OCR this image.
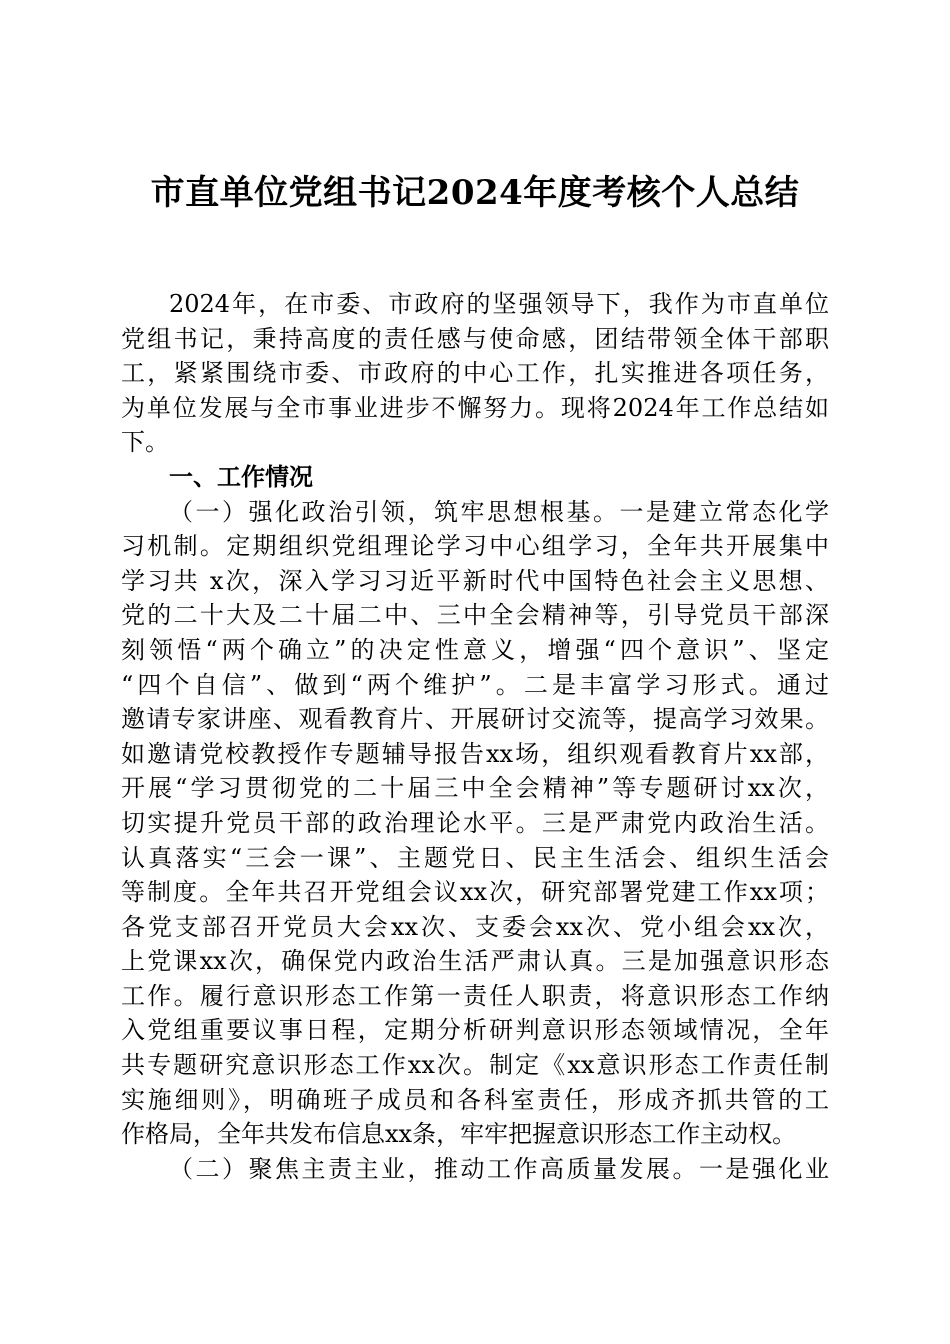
市直单位党组书记2024年度考核个人总结
2024年，在市委、市政府的坚强领导下，我作为市直单位
党组书记，秉持高度的责任感与使命感，团结带领全体干部职
工，紧紧围绕市委、市政府的中心工作，扎实推进各项任务，
为单位发展与全市事业进步不懈努力。现将2024年工作总结如
下。
一、工作情况
（一）强化政治引领，筑牢思想根基。一是建立常态化学
习机制。定期组织党组理论学习中心组学习，全年共开展集中
学习共 x次，深入学习习近平新时代中国特色社会主义思想、
党的二十大及二十届二中、三中全会精神等，引导党员干部深
刻领悟“两个确立”的决定性意义，增强“四个意识”、坚定
“四个自信”、做到“两个维护”。二是丰富学习形式。通过
邀请专家讲座、观看教育片、开展研讨交流等，提高学习效果。
如邀请党校教授作专题辅导报告xx场，组织观看教育片xx部，
开展“学习贯彻党的二十届三中全会精神”等专题研讨xx次，
切实提升党员干部的政治理论水平。三是严肃党内政治生活。
认真落实“三会一课”、主题党日、民主生活会、组织生活会
等制度。全年共召开党组会议xx次，研究部署党建工作xx项；
各党支部召开党员大会xx次、支委会xx次、党小组会xx次，
上党课xx次，确保党内政治生活严肃认真。三是加强意识形态
工作。履行意识形态工作第一责任人职责，将意识形态工作纳
入党组重要议事日程，定期分析研判意识形态领域情况，全年
共专题研究意识形态工作xx次。制定《xx意识形态工作责任制
实施细则》，明确班子成员和各科室责任，形成齐抓共管的工
作格局，全年共发布信息xx条，牢牢把握意识形态工作主动权。
（二）聚焦主责主业，推动工作高质量发展。一是强化业
